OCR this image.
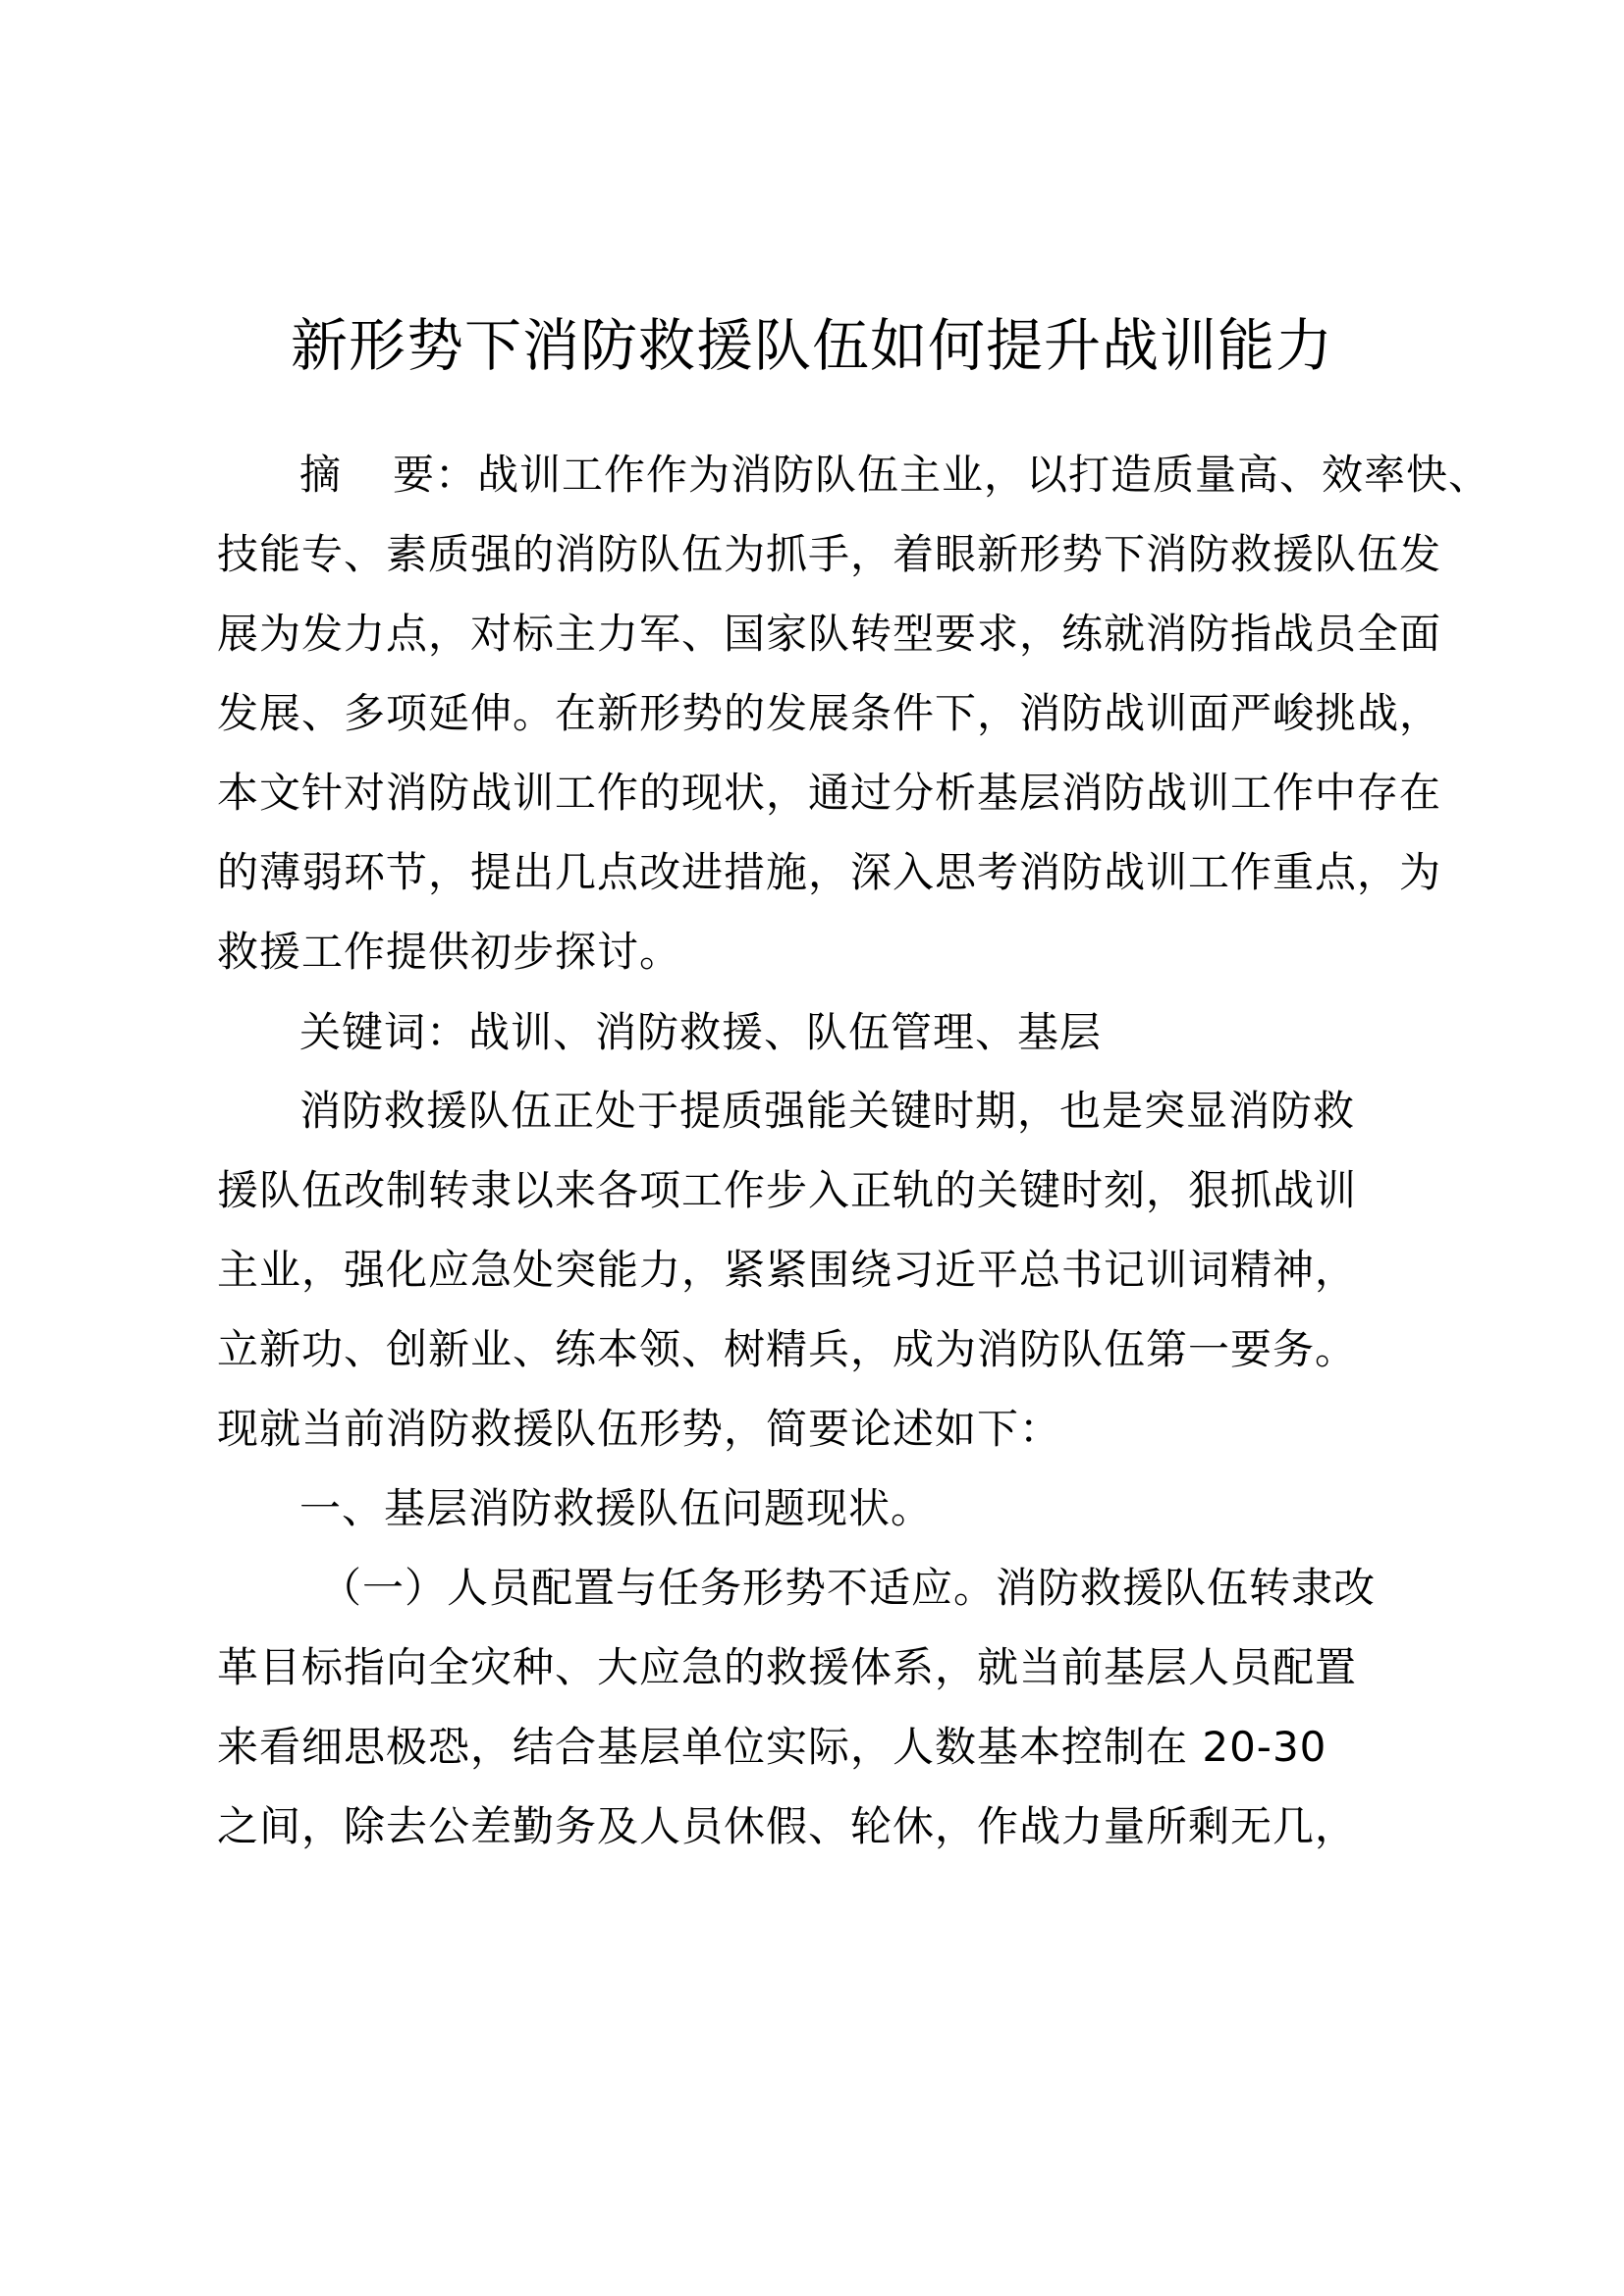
新形势下消防救援队伍如何提升战训能力
摘 要：战训工作作为消防队伍主业，以打造质量高、效率快、
技能专、素质强的消防队伍为抓手，着眼新形势下消防救援队伍发
展为发力点，对标主力军、国家队转型要求，练就消防指战员全面
发展、多项延伸。在新形势的发展条件下，消防战训面严峻挑战，
本文针对消防战训工作的现状，通过分析基层消防战训工作中存在
的薄弱环节，提出几点改进措施，深入思考消防战训工作重点，为
救援工作提供初步探讨。
关键词：战训、消防救援、队伍管理、基层
消防救援队伍正处于提质强能关键时期，也是突显消防救
援队伍改制转隶以来各项工作步入正轨的关键时刻，狠抓战训
主业，强化应急处突能力，紧紧围绕习近平总书记训词精神，
立新功、创新业、练本领、树精兵，成为消防队伍第一要务。
现就当前消防救援队伍形势，简要论述如下：
一、基层消防救援队伍问题现状。
（一）人员配置与任务形势不适应。消防救援队伍转隶改
革目标指向全灾种、大应急的救援体系，就当前基层人员配置
来看细思极恐，结合基层单位实际，人数基本控制在 20-30
之间，除去公差勤务及人员休假、轮休，作战力量所剩无几，
